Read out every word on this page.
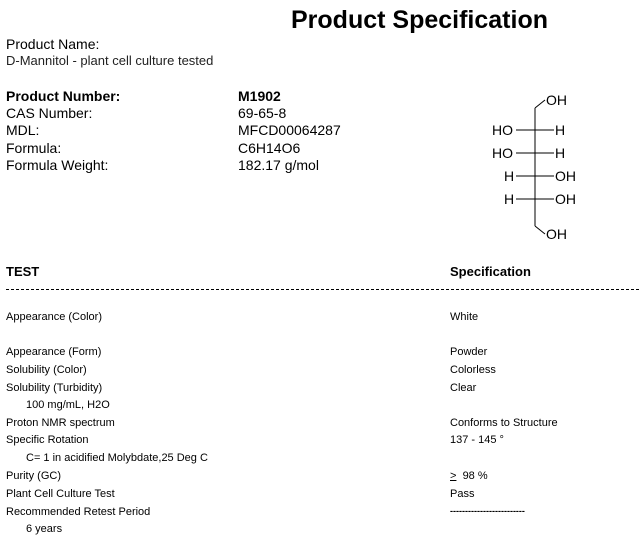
Product Specification
Product Name:
D-Mannitol - plant cell culture tested
Product Number:	M1902
CAS Number:	69-65-8
MDL:	MFCD00064287
Formula:	C6H14O6
Formula Weight:	182.17 g/mol
OH
HO	H
HO	H
H	OH
H	OH
OH
TEST	Specification
Appearance (Color)	White
Appearance (Form)	Powder
Solubility (Color)	Colorless
Solubility (Turbidity)	Clear
100 mg/mL, H2O
Proton NMR spectrum	Conforms to Structure
Specific Rotation	137 - 145 °
C= 1 in acidified Molybdate,25 Deg C
Purity (GC)	≥ 98 %
Plant Cell Culture Test	Pass
Recommended Retest Period	-------------------------
6 years
